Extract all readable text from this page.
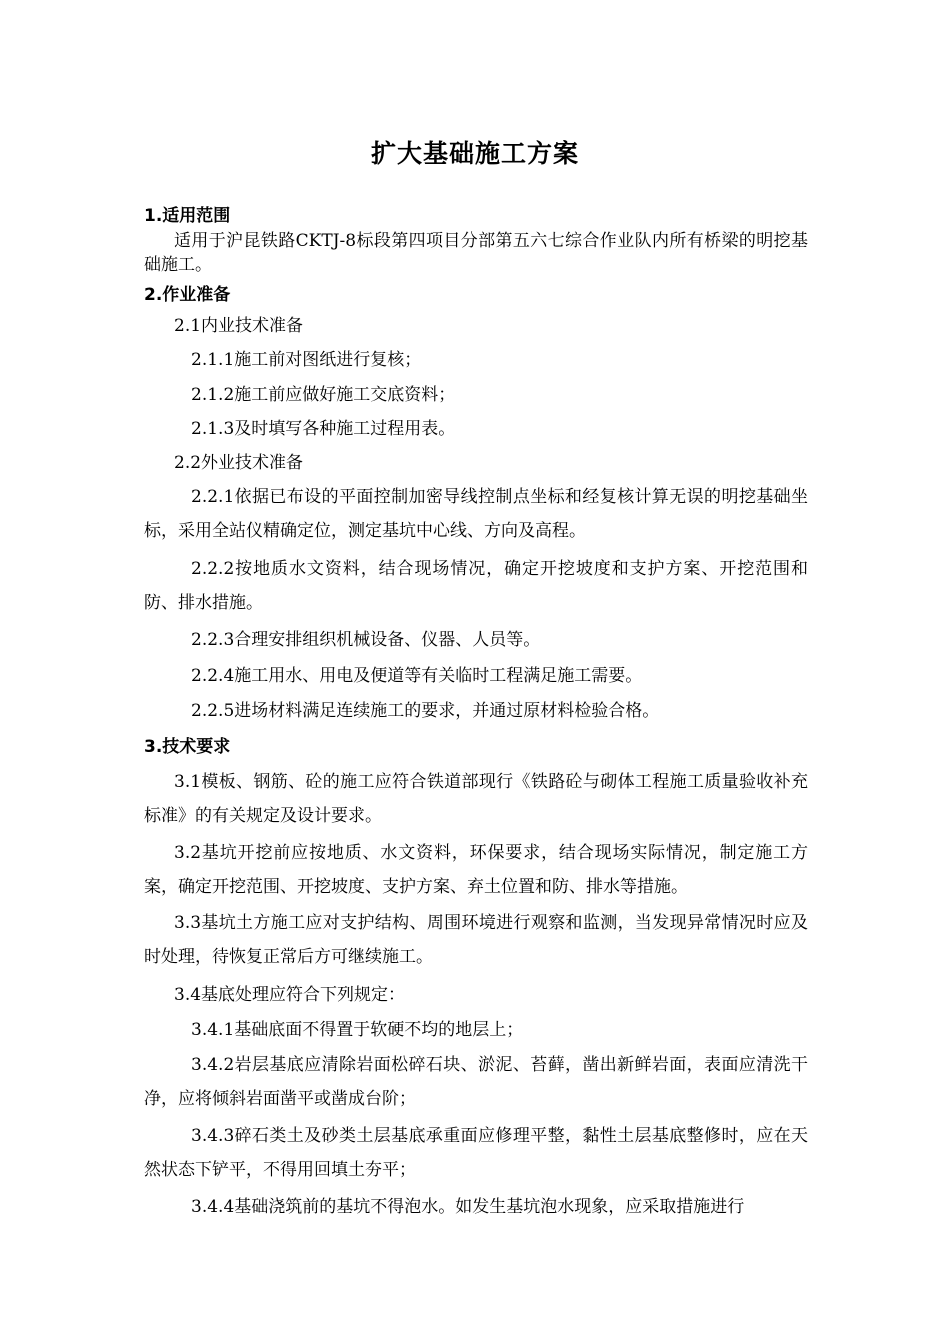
扩大基础施工方案
1.适用范围
适用于沪昆铁路CKTJ-8标段第四项目分部第五六七综合作业队内所有桥梁的明挖基础施工。
2.作业准备
2.1内业技术准备
2.1.1施工前对图纸进行复核；
2.1.2施工前应做好施工交底资料；
2.1.3及时填写各种施工过程用表。
2.2外业技术准备
2.2.1依据已布设的平面控制加密导线控制点坐标和经复核计算无误的明挖基础坐标，采用全站仪精确定位，测定基坑中心线、方向及高程。
2.2.2按地质水文资料，结合现场情况，确定开挖坡度和支护方案、开挖范围和防、排水措施。
2.2.3合理安排组织机械设备、仪器、人员等。
2.2.4施工用水、用电及便道等有关临时工程满足施工需要。
2.2.5进场材料满足连续施工的要求，并通过原材料检验合格。
3.技术要求
3.1模板、钢筋、砼的施工应符合铁道部现行《铁路砼与砌体工程施工质量验收补充标准》的有关规定及设计要求。
3.2基坑开挖前应按地质、水文资料，环保要求，结合现场实际情况，制定施工方案，确定开挖范围、开挖坡度、支护方案、弃土位置和防、排水等措施。
3.3基坑土方施工应对支护结构、周围环境进行观察和监测，当发现异常情况时应及时处理，待恢复正常后方可继续施工。
3.4基底处理应符合下列规定：
3.4.1基础底面不得置于软硬不均的地层上；
3.4.2岩层基底应清除岩面松碎石块、淤泥、苔藓，凿出新鲜岩面，表面应清洗干净，应将倾斜岩面凿平或凿成台阶；
3.4.3碎石类土及砂类土层基底承重面应修理平整，黏性土层基底整修时，应在天然状态下铲平，不得用回填土夯平；
3.4.4基础浇筑前的基坑不得泡水。如发生基坑泡水现象，应采取措施进行
